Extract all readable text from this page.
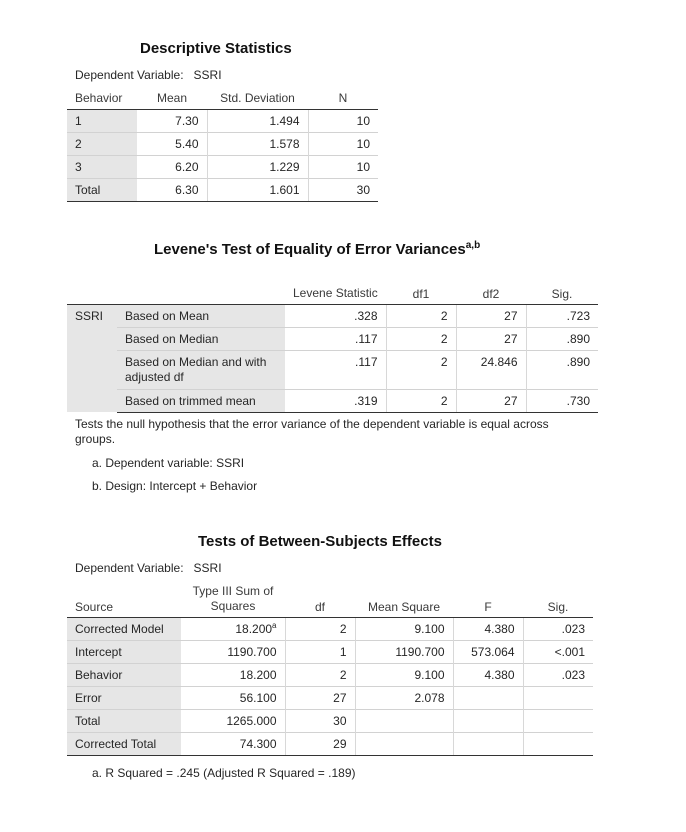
Descriptive Statistics
Dependent Variable: SSRI
Behavior	Mean	Std. Deviation	N
1	7.30	1.494	10
2	5.40	1.578	10
3	6.20	1.229	10
Total	6.30	1.601	30
Levene's Test of Equality of Error Variances$^{a,b}$
		Levene Statistic	df1	df2	Sig.
SSRI	Based on Mean	.328	2	27	.723
	Based on Median	.117	2	27	.890
	Based on Median and with adjusted df	.117	2	24.846	.890
	Based on trimmed mean	.319	2	27	.730
Tests the null hypothesis that the error variance of the dependent variable is equal across groups.
a. Dependent variable: SSRI
b. Design: Intercept + Behavior
Tests of Between-Subjects Effects
Dependent Variable: SSRI
Source	Type III Sum of Squares	df	Mean Square	F	Sig.
Corrected Model	18.200$^a$	2	9.100	4.380	.023
Intercept	1190.700	1	1190.700	573.064	<.001
Behavior	18.200	2	9.100	4.380	.023
Error	56.100	27	2.078		
Total	1265.000	30			
Corrected Total	74.300	29			
a. R Squared = .245 (Adjusted R Squared = .189)
